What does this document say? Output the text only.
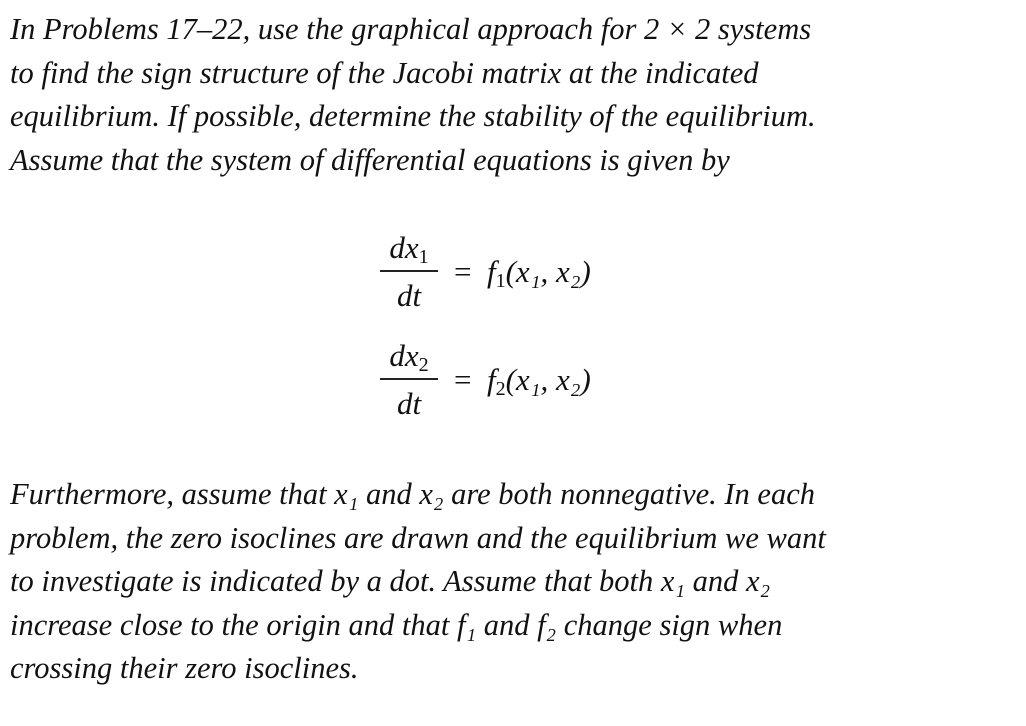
In Problems 17–22, use the graphical approach for 2 × 2 systems
to find the sign structure of the Jacobi matrix at the indicated
equilibrium. If possible, determine the stability of the equilibrium.
Assume that the system of differential equations is given by
$dx_1$
dt
= $f_1(x_1$, x₂)
$dx_2$
dt
= $f_2(x_1$, x₂)
Furthermore, assume that x₁ and x₂ are both nonnegative. In each
problem, the zero isoclines are drawn and the equilibrium we want
to investigate is indicated by a dot. Assume that both x₁ and x₂
increase close to the origin and that f₁ and f₂ change sign when
crossing their zero isoclines.
